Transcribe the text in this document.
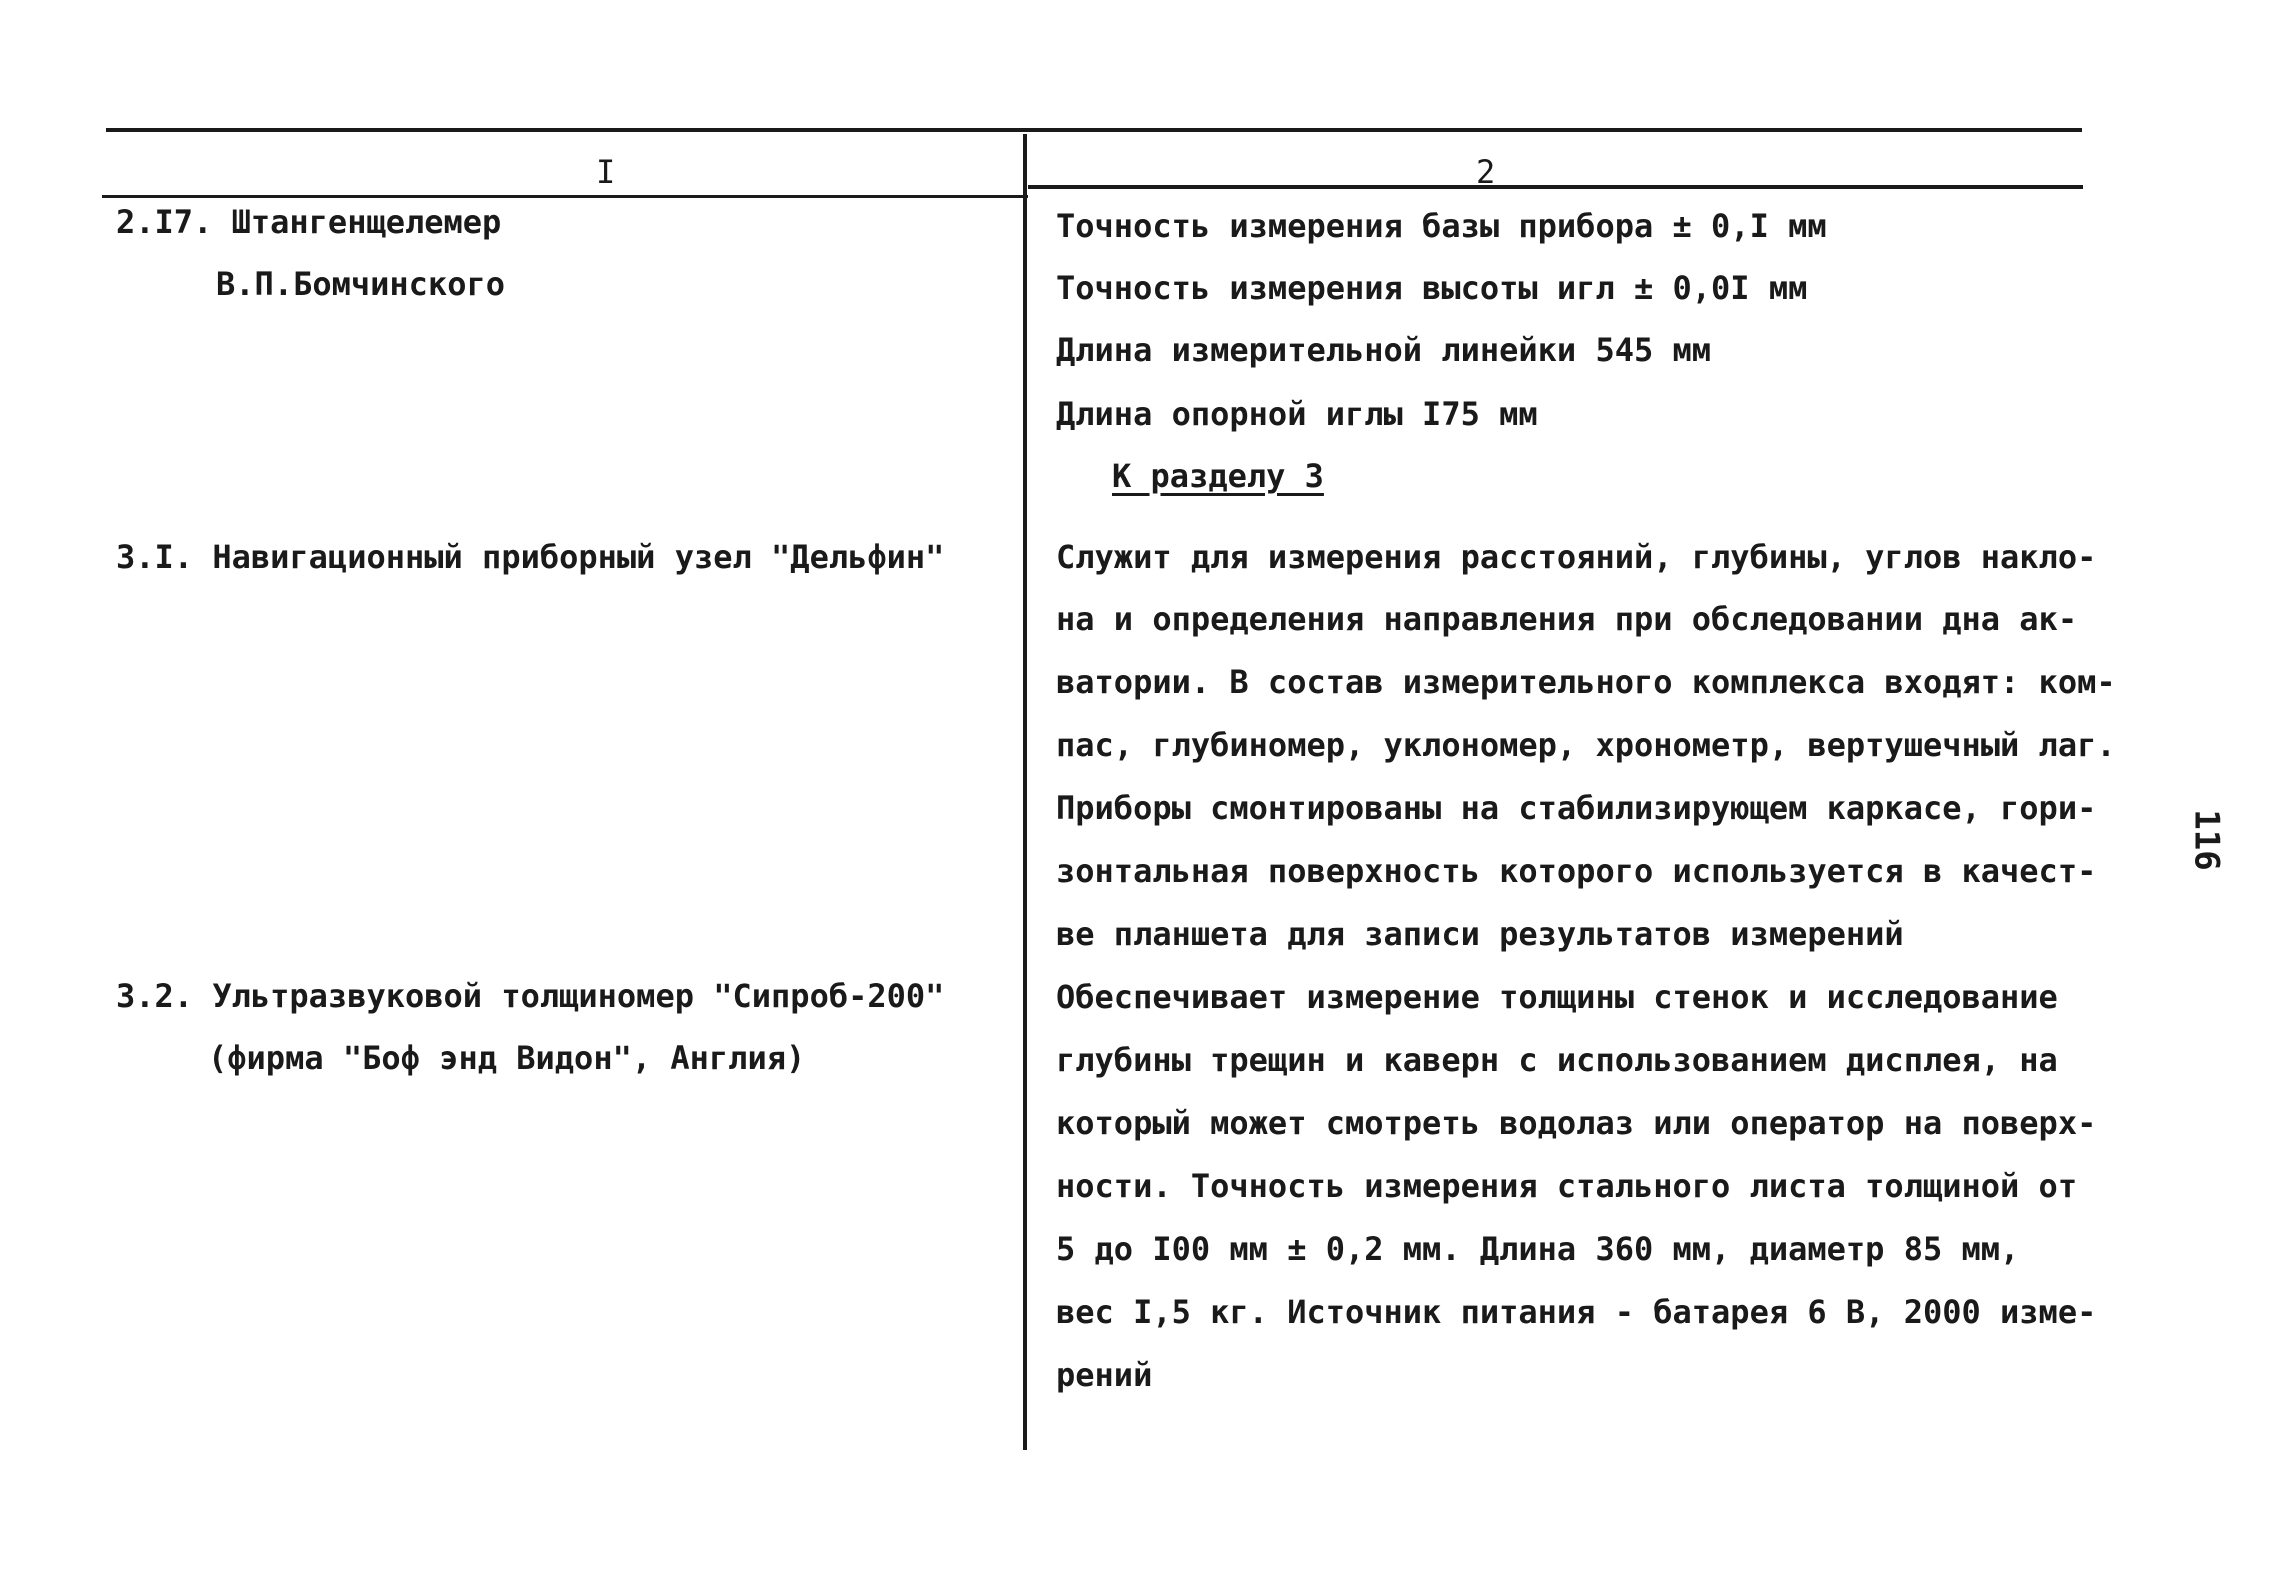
I	2
2.I7. Штангенщелемер
В.П.Бомчинского
Точность измерения базы прибора ± 0,I мм
Точность измерения высоты игл ± 0,0I мм
Длина измерительной линейки 545 мм
Длина опорной иглы I75 мм
К разделу 3
3.I. Навигационный приборный узел "Дельфин"	Служит для измерения расстояний, глубины, углов накло-
на и определения направления при обследовании дна ак-
ватории. В состав измерительного комплекса входят: ком-
пас, глубиномер, уклономер, хронометр, вертушечный лаг.
Приборы смонтированы на стабилизирующем каркасе, гори-
зонтальная поверхность которого используется в качест-
ве планшета для записи результатов измерений
3.2. Ультразвуковой толщиномер "Сипроб-200"
(фирма "Боф энд Видон", Англия)
Обеспечивает измерение толщины стенок и исследование
глубины трещин и каверн с использованием дисплея, на
который может смотреть водолаз или оператор на поверх-
ности. Точность измерения стального листа толщиной от
5 до I00 мм ± 0,2 мм. Длина 360 мм, диаметр 85 мм,
вес I,5 кг. Источник питания - батарея 6 В, 2000 изме-
рений
116
